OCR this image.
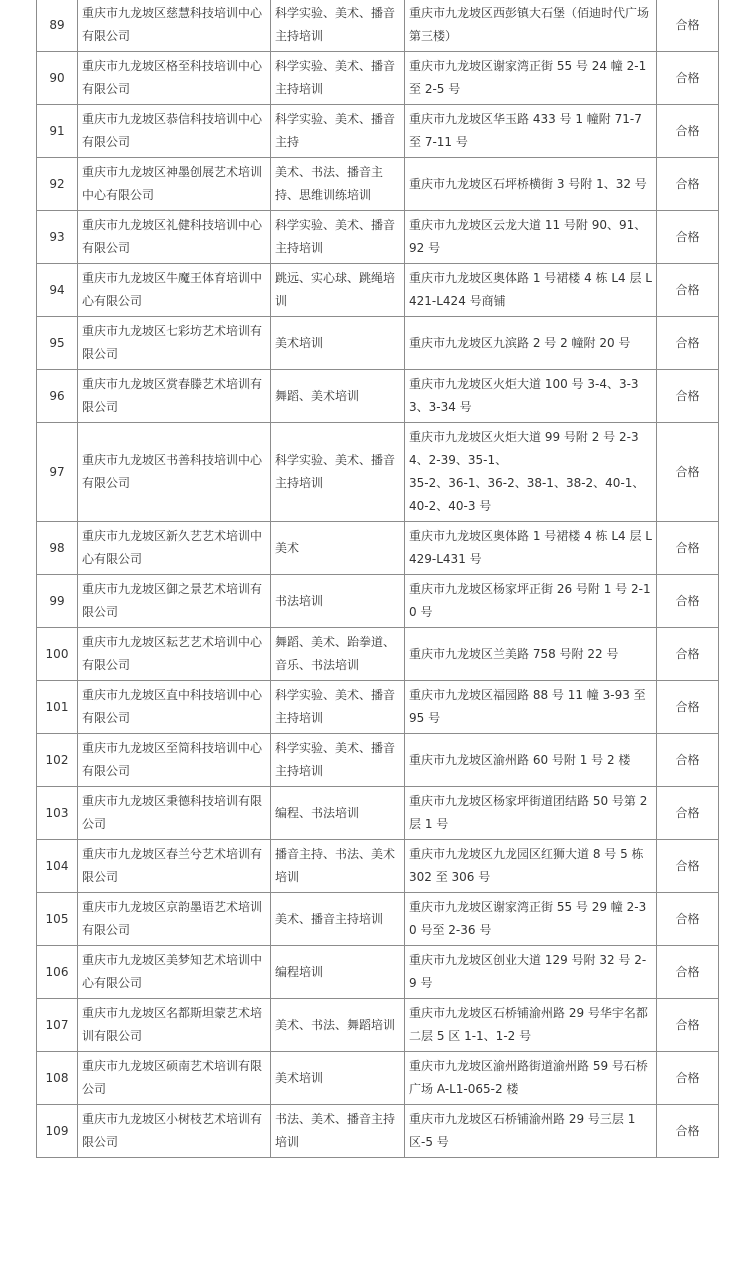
89	重庆市九龙坡区慈慧科技培训中心有限公司	科学实验、美术、播音主持培训	重庆市九龙坡区西彭镇大石堡（佰迪时代广场第三楼）	合格
90	重庆市九龙坡区格至科技培训中心有限公司	科学实验、美术、播音主持培训	重庆市九龙坡区谢家湾正街 55 号 24 幢 2-1 至 2-5 号	合格
91	重庆市九龙坡区恭信科技培训中心有限公司	科学实验、美术、播音主持	重庆市九龙坡区华玉路 433 号 1 幢附 71-7 至 7-11 号	合格
92	重庆市九龙坡区神墨创展艺术培训中心有限公司	美术、书法、播音主持、思维训练培训	重庆市九龙坡区石坪桥横街 3 号附 1、32 号	合格
93	重庆市九龙坡区礼健科技培训中心有限公司	科学实验、美术、播音主持培训	重庆市九龙坡区云龙大道 11 号附 90、91、92 号	合格
94	重庆市九龙坡区牛魔王体育培训中心有限公司	跳远、实心球、跳绳培训	重庆市九龙坡区奥体路 1 号裙楼 4 栋 L4 层 L421-L424 号商铺	合格
95	重庆市九龙坡区七彩坊艺术培训有限公司	美术培训	重庆市九龙坡区九滨路 2 号 2 幢附 20 号	合格
96	重庆市九龙坡区赏春滕艺术培训有限公司	舞蹈、美术培训	重庆市九龙坡区火炬大道 100 号 3-4、3-33、3-34 号	合格
97	重庆市九龙坡区书善科技培训中心有限公司	科学实验、美术、播音主持培训	重庆市九龙坡区火炬大道 99 号附 2 号 2-34、2-39、35-1、
35-2、36-1、36-2、38-1、38-2、40-1、40-2、40-3 号	合格
98	重庆市九龙坡区新久艺艺术培训中心有限公司	美术	重庆市九龙坡区奥体路 1 号裙楼 4 栋 L4 层 L429-L431 号	合格
99	重庆市九龙坡区御之景艺术培训有限公司	书法培训	重庆市九龙坡区杨家坪正街 26 号附 1 号 2-10 号	合格
100	重庆市九龙坡区耘艺艺术培训中心有限公司	舞蹈、美术、跆拳道、音乐、书法培训	重庆市九龙坡区兰美路 758 号附 22 号	合格
101	重庆市九龙坡区直中科技培训中心有限公司	科学实验、美术、播音主持培训	重庆市九龙坡区福园路 88 号 11 幢 3-93 至 95 号	合格
102	重庆市九龙坡区至简科技培训中心有限公司	科学实验、美术、播音主持培训	重庆市九龙坡区渝州路 60 号附 1 号 2 楼	合格
103	重庆市九龙坡区秉德科技培训有限公司	编程、书法培训	重庆市九龙坡区杨家坪街道团结路 50 号第 2 层 1 号	合格
104	重庆市九龙坡区春兰兮艺术培训有限公司	播音主持、书法、美术培训	重庆市九龙坡区九龙园区红狮大道 8 号 5 栋 302 至 306 号	合格
105	重庆市九龙坡区京韵墨语艺术培训有限公司	美术、播音主持培训	重庆市九龙坡区谢家湾正街 55 号 29 幢 2-30 号至 2-36 号	合格
106	重庆市九龙坡区美梦知艺术培训中心有限公司	编程培训	重庆市九龙坡区创业大道 129 号附 32 号 2-9 号	合格
107	重庆市九龙坡区名都斯坦蒙艺术培训有限公司	美术、书法、舞蹈培训	重庆市九龙坡区石桥铺渝州路 29 号华宇名都二层 5 区 1-1、1-2 号	合格
108	重庆市九龙坡区硕南艺术培训有限公司	美术培训	重庆市九龙坡区渝州路街道渝州路 59 号石桥广场 A-L1-065-2 楼	合格
109	重庆市九龙坡区小树枝艺术培训有限公司	书法、美术、播音主持培训	重庆市九龙坡区石桥铺渝州路 29 号三层 1 区-5 号	合格
